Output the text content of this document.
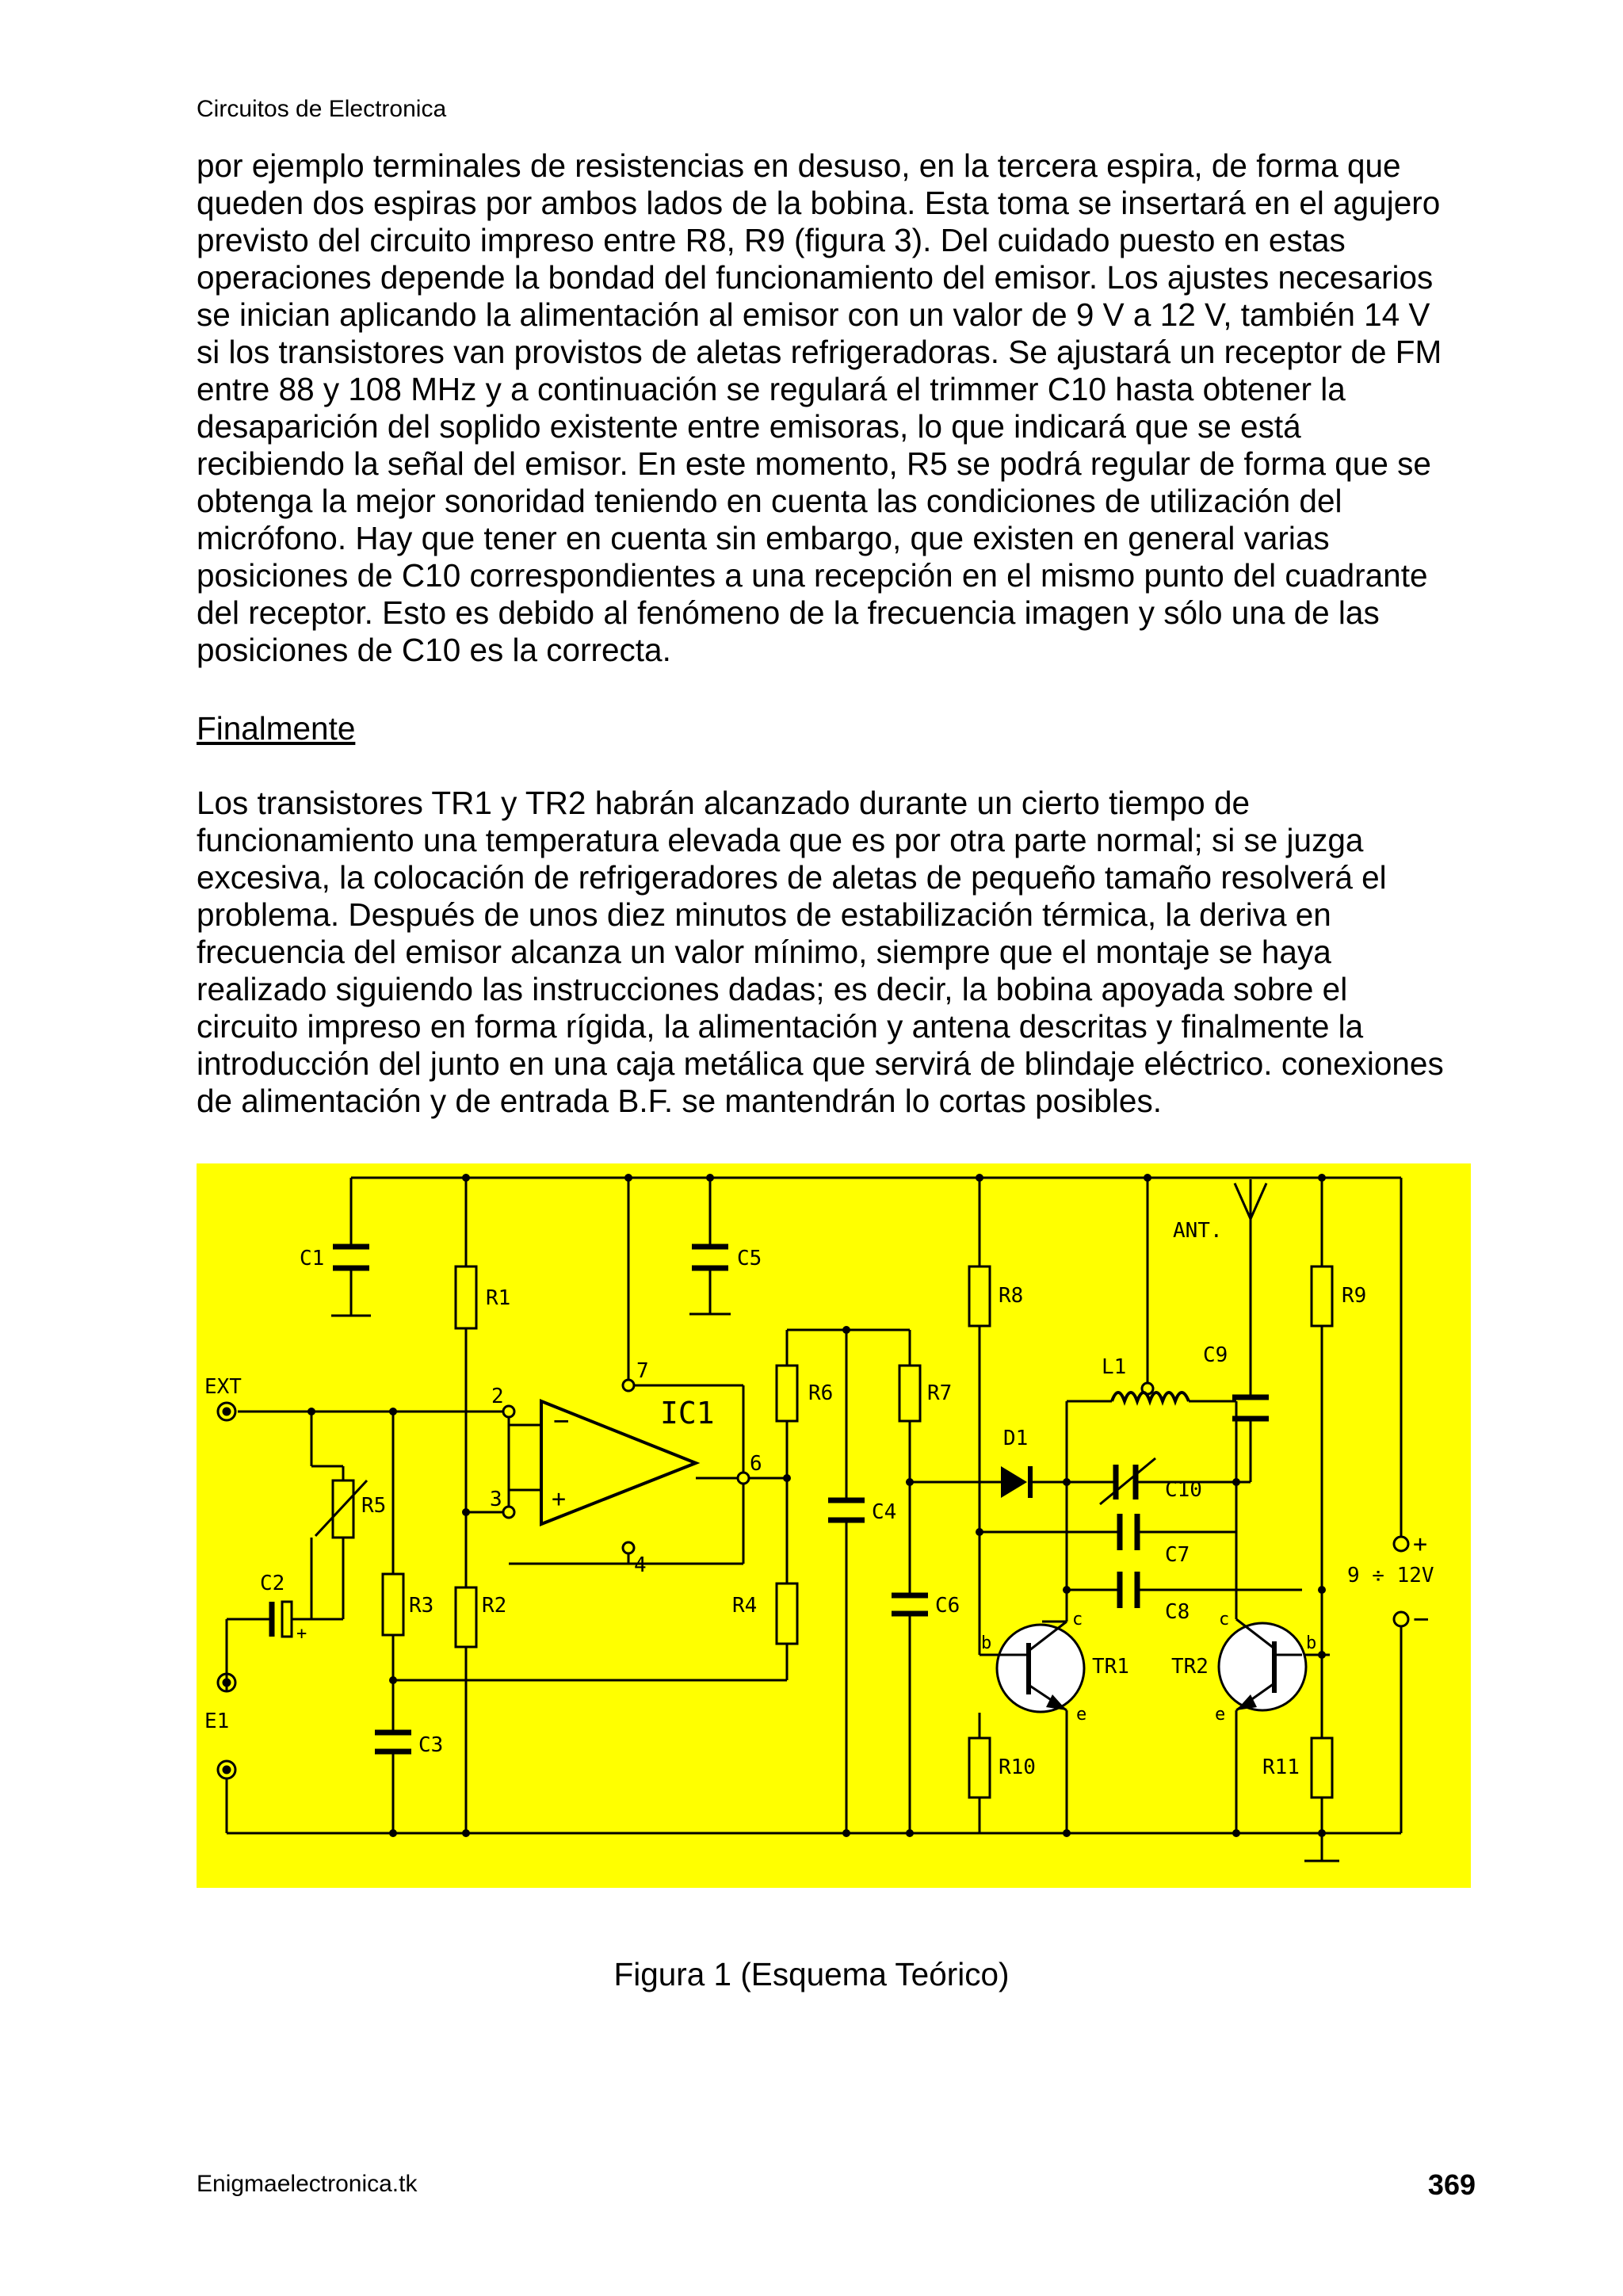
Circuitos de Electronica

por ejemplo terminales de resistencias en desuso, en la tercera espira, de forma que
queden dos espiras por ambos lados de la bobina. Esta toma se insertará en el agujero
previsto del circuito impreso entre R8, R9 (figura 3). Del cuidado puesto en estas
operaciones depende la bondad del funcionamiento del emisor. Los ajustes necesarios
se inician aplicando la alimentación al emisor con un valor de 9 V a 12 V, también 14 V
si los transistores van provistos de aletas refrigeradoras. Se ajustará un receptor de FM
entre 88 y 108 MHz y a continuación se regulará el trimmer C10 hasta obtener la
desaparición del soplido existente entre emisoras, lo que indicará que se está
recibiendo la señal del emisor. En este momento, R5 se podrá regular de forma que se
obtenga la mejor sonoridad teniendo en cuenta las condiciones de utilización del
micrófono. Hay que tener en cuenta sin embargo, que existen en general varias
posiciones de C10 correspondientes a una recepción en el mismo punto del cuadrante
del receptor. Esto es debido al fenómeno de la frecuencia imagen y sólo una de las
posiciones de C10 es la correcta.

Finalmente

Los transistores TR1 y TR2 habrán alcanzado durante un cierto tiempo de
funcionamiento una temperatura elevada que es por otra parte normal; si se juzga
excesiva, la colocación de refrigeradores de aletas de pequeño tamaño resolverá el
problema. Después de unos diez minutos de estabilización térmica, la deriva en
frecuencia del emisor alcanza un valor mínimo, siempre que el montaje se haya
realizado siguiendo las instrucciones dadas; es decir, la bobina apoyada sobre el
circuito impreso en forma rígida, la alimentación y antena descritas y finalmente la
introducción del junto en una caja metálica que servirá de blindaje eléctrico. conexiones
de alimentación y de entrada B.F. se mantendrán lo cortas posibles.

C1
R1
C5
EXT	2
7
IC1
−
+
6
3
4
R6	R7
C4
R5
C2
+
R3 R2	R4	C6
E1
C3
R8
ANT.
R9
C9
L1
D1
C10
+
9 ÷ 12V
−
C7
C8
c
b
TR1
e
c
TR2
b
e
R10	R11
Figura 1 (Esquema Teórico)
Enigmaelectronica.tk	369
